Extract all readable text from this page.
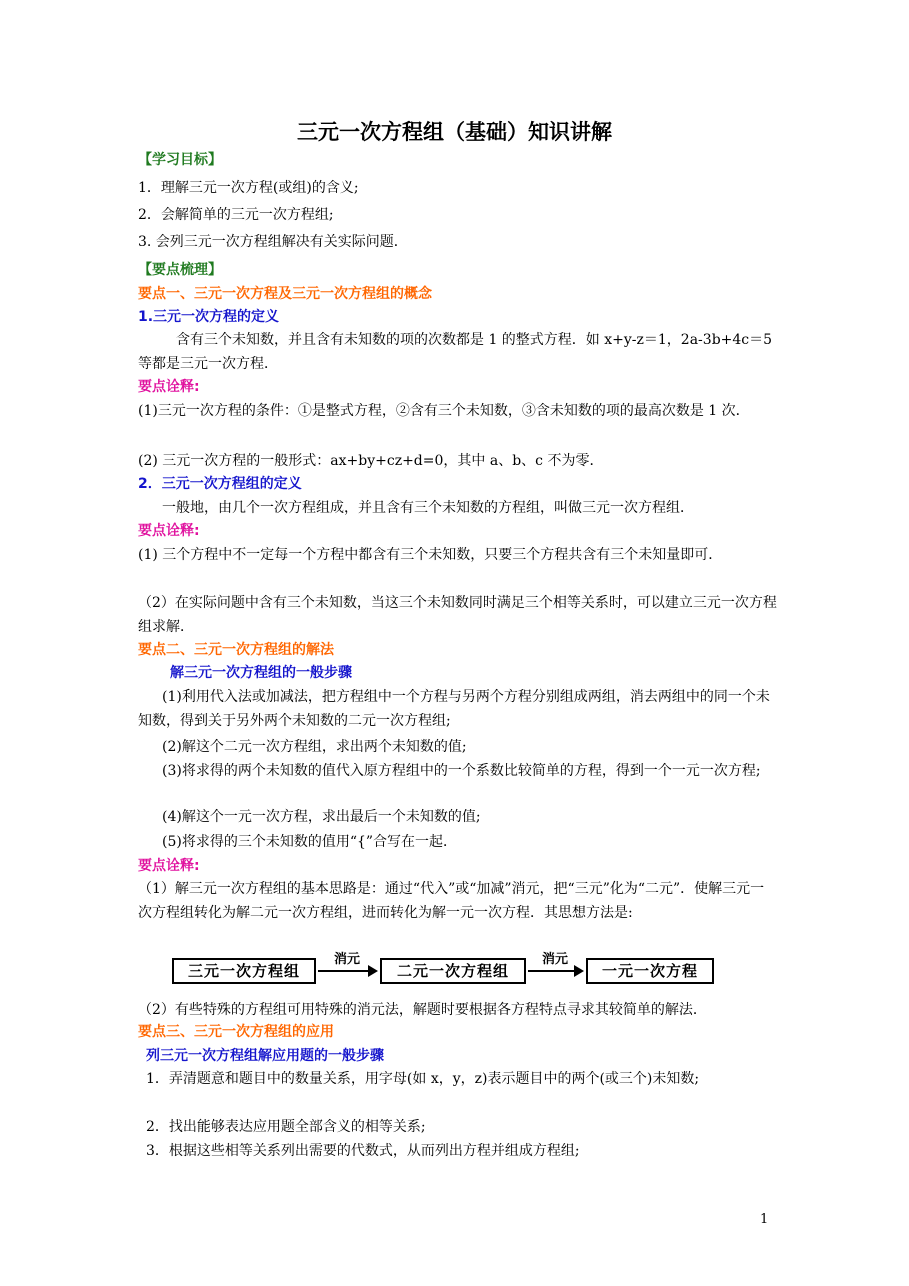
三元一次方程组（基础）知识讲解
【学习目标】
1．理解三元一次方程(或组)的含义;
2．会解简单的三元一次方程组;
3. 会列三元一次方程组解决有关实际问题．
【要点梳理】
要点一、三元一次方程及三元一次方程组的概念
1.三元一次方程的定义
含有三个未知数，并且含有未知数的项的次数都是 1 的整式方程．如 x+y-z＝1，2a-3b+4c＝5 等都是三元一次方程．
要点诠释:
(1)三元一次方程的条件：①是整式方程，②含有三个未知数，③含未知数的项的最高次数是 1 次．
(2) 三元一次方程的一般形式：ax+by+cz+d=0，其中 a、b、c 不为零．
2．三元一次方程组的定义
一般地，由几个一次方程组成，并且含有三个未知数的方程组，叫做三元一次方程组．
要点诠释:
(1) 三个方程中不一定每一个方程中都含有三个未知数，只要三个方程共含有三个未知量即可．
（2）在实际问题中含有三个未知数，当这三个未知数同时满足三个相等关系时，可以建立三元一次方程组求解．
要点二、三元一次方程组的解法
解三元一次方程组的一般步骤
(1)利用代入法或加减法，把方程组中一个方程与另两个方程分别组成两组，消去两组中的同一个未知数，得到关于另外两个未知数的二元一次方程组;
(2)解这个二元一次方程组，求出两个未知数的值;
(3)将求得的两个未知数的值代入原方程组中的一个系数比较简单的方程，得到一个一元一次方程;
(4)解这个一元一次方程，求出最后一个未知数的值;
(5)将求得的三个未知数的值用“{”合写在一起．
要点诠释:
（1）解三元一次方程组的基本思路是：通过“代入”或“加减”消元，把“三元”化为“二元”．使解三元一次方程组转化为解二元一次方程组，进而转化为解一元一次方程．其思想方法是:
三元一次方程组
消元
二元一次方程组
消元
一元一次方程
（2）有些特殊的方程组可用特殊的消元法，解题时要根据各方程特点寻求其较简单的解法．
要点三、三元一次方程组的应用
列三元一次方程组解应用题的一般步骤
1．弄清题意和题目中的数量关系，用字母(如 x，y，z)表示题目中的两个(或三个)未知数;
2．找出能够表达应用题全部含义的相等关系;
3．根据这些相等关系列出需要的代数式，从而列出方程并组成方程组;
1
